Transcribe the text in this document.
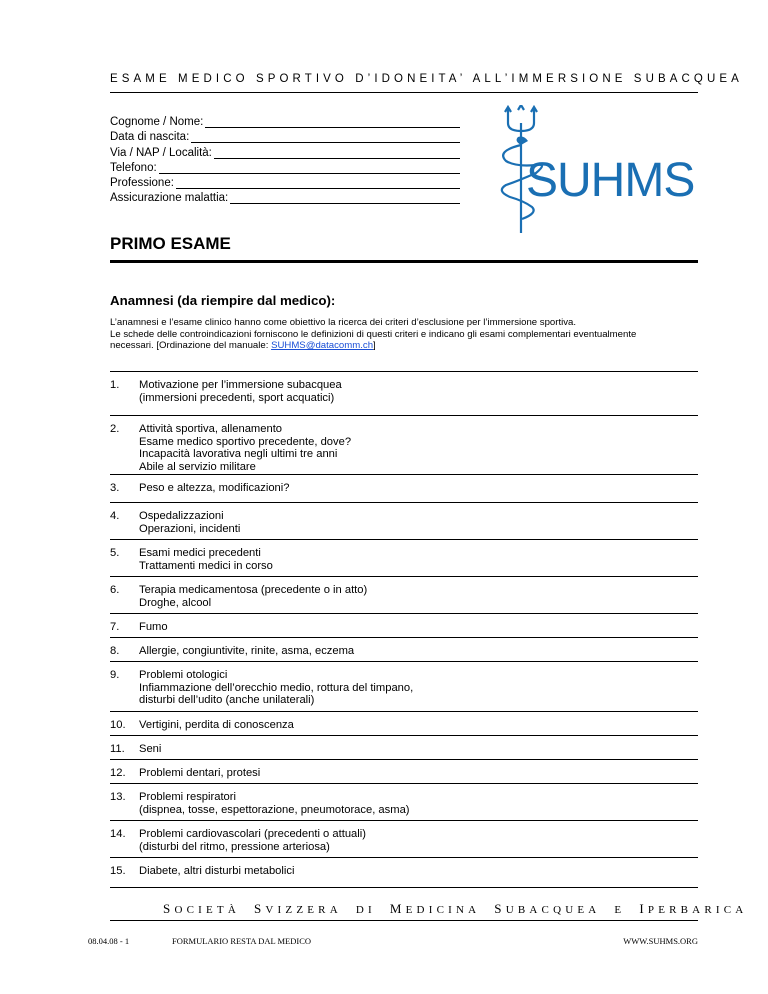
ESAME MEDICO SPORTIVO D’IDONEITA’ ALL’IMMERSIONE SUBACQUEA
Cognome / Nome:
Data di nascita:
Via / NAP / Località:
Telefono:
Professione:
Assicurazione malattia:	SUHMS
PRIMO ESAME
Anamnesi (da riempire dal medico):
L’anamnesi e l’esame clinico hanno come obiettivo la ricerca dei criteri d’esclusione per l’immersione sportiva.
Le schede delle controindicazioni forniscono le definizioni di questi criteri e indicano gli esami complementari eventualmente
necessari. [Ordinazione del manuale: SUHMS@datacomm.ch]
1.	Motivazione per l’immersione subacquea
(immersioni precedenti, sport acquatici)
2.	Attività sportiva, allenamento
Esame medico sportivo precedente, dove?
Incapacità lavorativa negli ultimi tre anni
Abile al servizio militare
3.	Peso e altezza, modificazioni?
4.	Ospedalizzazioni
Operazioni, incidenti
5.	Esami medici precedenti
Trattamenti medici in corso
6.	Terapia medicamentosa (precedente o in atto)
Droghe, alcool
7.	Fumo
8.	Allergie, congiuntivite, rinite, asma, eczema
9.	Problemi otologici
Infiammazione dell’orecchio medio, rottura del timpano,
disturbi dell’udito (anche unilaterali)
10.	Vertigini, perdita di conoscenza
11.	Seni
12.	Problemi dentari, protesi
13.	Problemi respiratori
(dispnea, tosse, espettorazione, pneumotorace, asma)
14.	Problemi cardiovascolari (precedenti o attuali)
(disturbi del ritmo, pressione arteriosa)
15.	Diabete, altri disturbi metabolici
SOCIETÀ SVIZZERA DI MEDICINA SUBACQUEA E IPERBARICA
08.04.08 - 1	FORMULARIO RESTA DAL MEDICO	WWW.SUHMS.ORG
